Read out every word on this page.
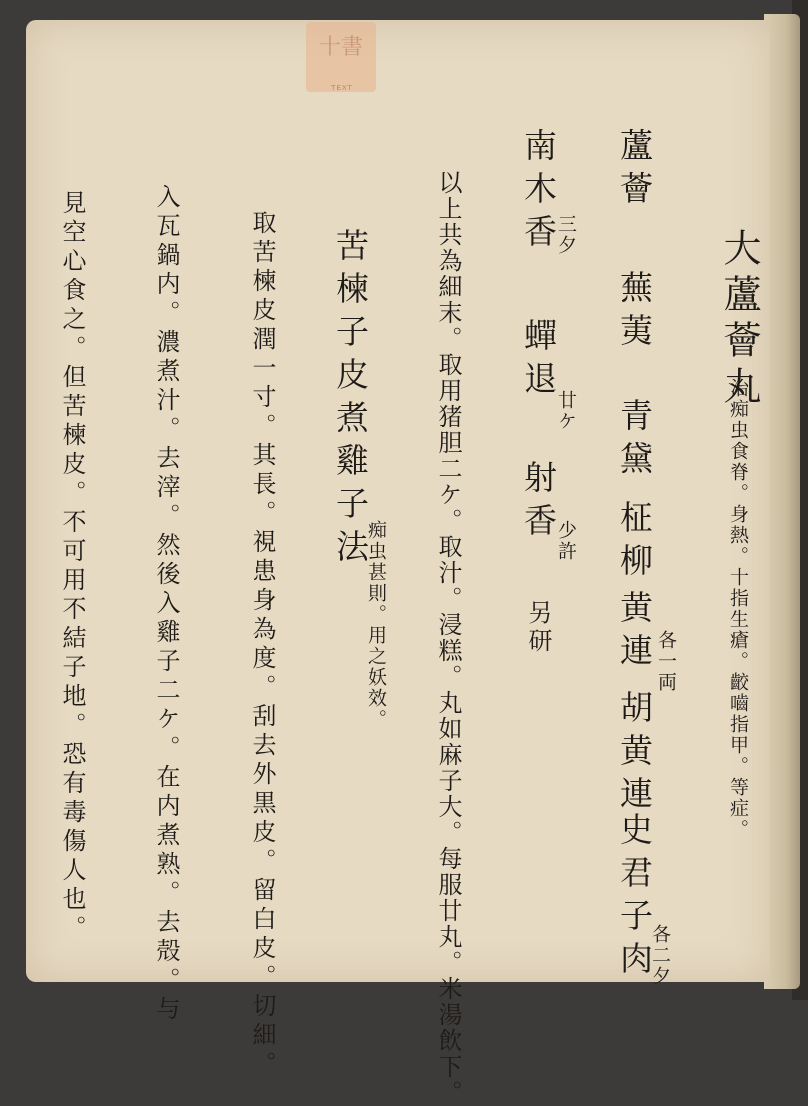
十書
TEXT
大蘆薈丸
治痴虫食脊。身熱。十指生瘡。齩嚙指甲。等症。
蘆薈
蕪荑
青黛
柾柳
黄連 各一両
胡黄連
史君子肉
各二夕
南木香
三夕
蟬退
廿ケ
射香
少許
另研
以上共為細末。取用猪胆二ケ。取汁。浸糕。丸如麻子大。每服廿丸。米湯飲下。
苦楝子皮煮雞子法
痴虫甚則。用之妖效。
取苦楝皮潤一寸。其長。視患身為度。刮去外黒皮。留白皮。切細。
入瓦鍋内。濃煮汁。去滓。然後入雞子二ケ。在内煮熟。去殻。与
見空心食之。但苦楝皮。不可用不結子地。恐有毒傷人也。
